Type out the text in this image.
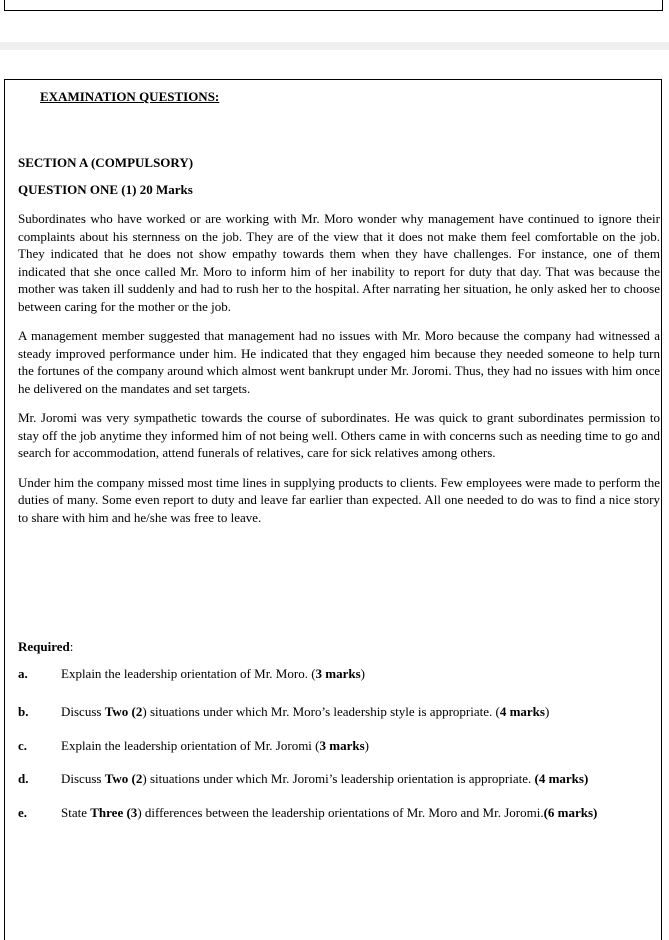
EXAMINATION QUESTIONS:
SECTION A (COMPULSORY)
QUESTION ONE (1) 20 Marks

Subordinates who have worked or are working with Mr. Moro wonder why management have continued to ignore their complaints about his sternness on the job. They are of the view that it does not make them feel comfortable on the job. They indicated that he does not show empathy towards them when they have challenges. For instance, one of them indicated that she once called Mr. Moro to inform him of her inability to report for duty that day. That was because the mother was taken ill suddenly and had to rush her to the hospital. After narrating her situation, he only asked her to choose between caring for the mother or the job.

A management member suggested that management had no issues with Mr. Moro because the company had witnessed a steady improved performance under him. He indicated that they engaged him because they needed someone to help turn the fortunes of the company around which almost went bankrupt under Mr. Joromi. Thus, they had no issues with him once he delivered on the mandates and set targets.

Mr. Joromi was very sympathetic towards the course of subordinates. He was quick to grant subordinates permission to stay off the job anytime they informed him of not being well. Others came in with concerns such as needing time to go and search for accommodation, attend funerals of relatives, care for sick relatives among others.

Under him the company missed most time lines in supplying products to clients. Few employees were made to perform the duties of many. Some even report to duty and leave far earlier than expected. All one needed to do was to find a nice story to share with him and he/she was free to leave.

Required:
a.	Explain the leadership orientation of Mr. Moro. (3 marks)
b.	Discuss Two (2) situations under which Mr. Moro’s leadership style is appropriate. (4 marks)
c.	Explain the leadership orientation of Mr. Joromi (3 marks)
d.	Discuss Two (2) situations under which Mr. Joromi’s leadership orientation is appropriate. (4 marks)
e.	State Three (3) differences between the leadership orientations of Mr. Moro and Mr. Joromi.(6 marks)
